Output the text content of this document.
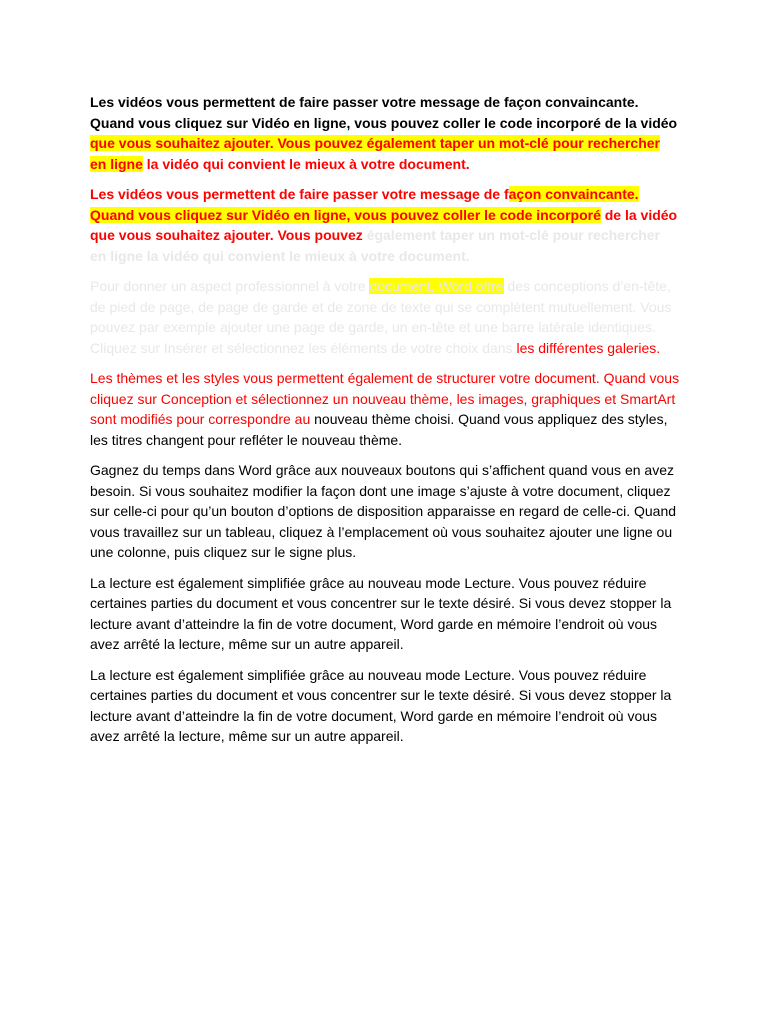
Les vidéos vous permettent de faire passer votre message de façon convaincante. Quand vous cliquez sur Vidéo en ligne, vous pouvez coller le code incorporé de la vidéo que vous souhaitez ajouter. Vous pouvez également taper un mot-clé pour rechercher en ligne la vidéo qui convient le mieux à votre document.

Les vidéos vous permettent de faire passer votre message de façon convaincante. Quand vous cliquez sur Vidéo en ligne, vous pouvez coller le code incorporé de la vidéo que vous souhaitez ajouter. Vous pouvez également taper un mot-clé pour rechercher en ligne la vidéo qui convient le mieux à votre document.

Pour donner un aspect professionnel à votre document, Word offre des conceptions d’en-tête, de pied de page, de page de garde et de zone de texte qui se complètent mutuellement. Vous pouvez par exemple ajouter une page de garde, un en-tête et une barre latérale identiques. Cliquez sur Insérer et sélectionnez les éléments de votre choix dans les différentes galeries.

Les thèmes et les styles vous permettent également de structurer votre document. Quand vous cliquez sur Conception et sélectionnez un nouveau thème, les images, graphiques et SmartArt sont modifiés pour correspondre au nouveau thème choisi. Quand vous appliquez des styles, les titres changent pour refléter le nouveau thème.

Gagnez du temps dans Word grâce aux nouveaux boutons qui s’affichent quand vous en avez besoin. Si vous souhaitez modifier la façon dont une image s’ajuste à votre document, cliquez sur celle-ci pour qu’un bouton d’options de disposition apparaisse en regard de celle-ci. Quand vous travaillez sur un tableau, cliquez à l’emplacement où vous souhaitez ajouter une ligne ou une colonne, puis cliquez sur le signe plus.

La lecture est également simplifiée grâce au nouveau mode Lecture. Vous pouvez réduire certaines parties du document et vous concentrer sur le texte désiré. Si vous devez stopper la lecture avant d’atteindre la fin de votre document, Word garde en mémoire l’endroit où vous avez arrêté la lecture, même sur un autre appareil.

La lecture est également simplifiée grâce au nouveau mode Lecture. Vous pouvez réduire certaines parties du document et vous concentrer sur le texte désiré. Si vous devez stopper la lecture avant d’atteindre la fin de votre document, Word garde en mémoire l’endroit où vous avez arrêté la lecture, même sur un autre appareil.
